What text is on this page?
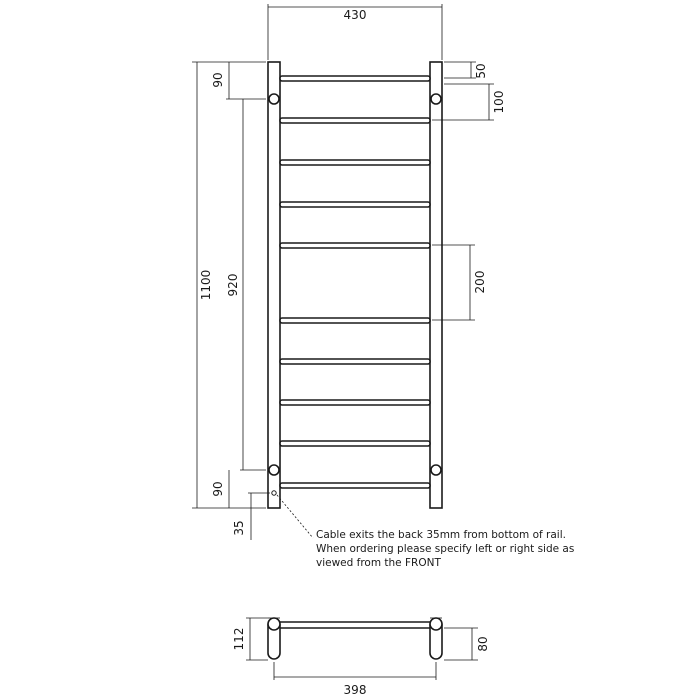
430
1100
90
920
90
35
50
100
200
Cable exits the back 35mm from bottom of rail.
When ordering please specify left or right side as
viewed from the FRONT
112	80
398
